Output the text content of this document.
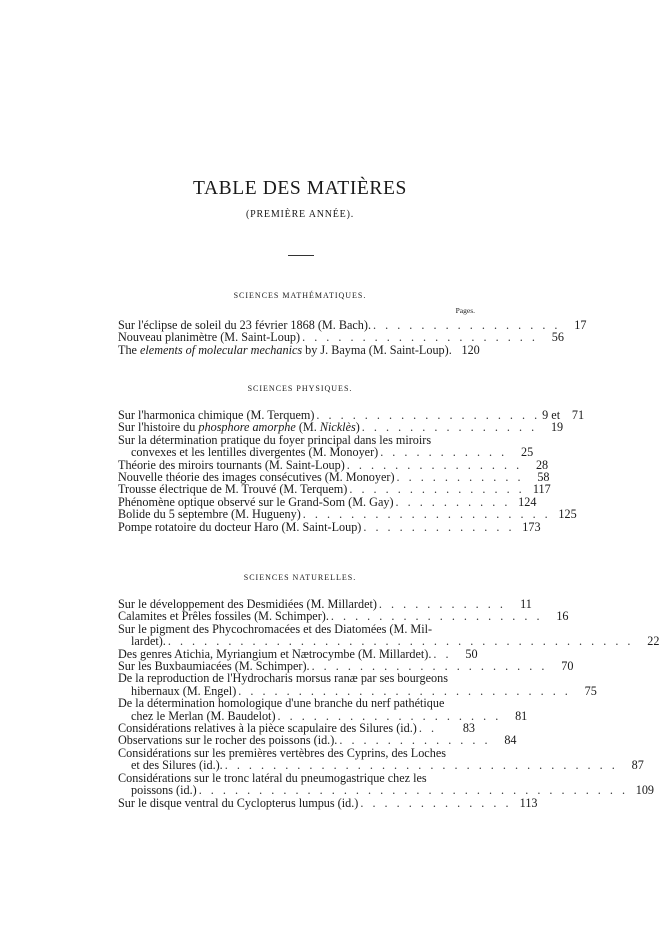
TABLE DES MATIÈRES
(PREMIÈRE ANNÉE).
SCIENCES MATHÉMATIQUES.
Pages.
Sur l'éclipse de soleil du 23 février 1868 (M. Bach). . . . . . . . . . . . . . . . .	17
Nouveau planimètre (M. Saint-Loup) . . . . . . . . . . . . . . . . . . . .	56
The elements of molecular mechanics by J. Bayma (M. Saint-Loup). 120
SCIENCES PHYSIQUES.
Sur l'harmonica chimique (M. Terquem) . . . . . . . . . . . . . . . . . . . 9 et 71
Sur l'histoire du phosphore amorphe (M. Nicklès) . . . . . . . . . . . . . . .	19
Sur la détermination pratique du foyer principal dans les miroirs
convexes et les lentilles divergentes (M. Monoyer) . . . . . . . . . . .	25
Théorie des miroirs tournants (M. Saint-Loup) . . . . . . . . . . . . . . .	28
Nouvelle théorie des images consécutives (M. Monoyer) . . . . . . . . . . .	58
Trousse électrique de M. Trouvé (M. Terquem) . . . . . . . . . . . . . . . 117
Phénomène optique observé sur le Grand-Som (M. Gay) . . . . . . . . . . 124
Bolide du 5 septembre (M. Hugueny) . . . . . . . . . . . . . . . . . . . . . 125
Pompe rotatoire du docteur Haro (M. Saint-Loup) . . . . . . . . . . . . . 173
SCIENCES NATURELLES.
Sur le développement des Desmidiées (M. Millardet) . . . . . . . . . . .	11
Calamites et Prêles fossiles (M. Schimper). . . . . . . . . . . . . . . . . . .	16
Sur le pigment des Phycochromacées et des Diatomées (M. Mil-
lardet). . . . . . . . . . . . . . . . . . . . . . . . . . . . . . . . . . . . . . . .	22
Des genres Atichia, Myriangium et Nætrocymbe (M. Millardet). . .	50
Sur les Buxbaumiacées (M. Schimper). . . . . . . . . . . . . . . . . . . . .	70
De la reproduction de l'Hydrocharis morsus ranæ par ses bourgeons
hibernaux (M. Engel) . . . . . . . . . . . . . . . . . . . . . . . . . . . .	75
De la détermination homologique d'une branche du nerf pathétique
chez le Merlan (M. Baudelot) . . . . . . . . . . . . . . . . . . .	81
Considérations relatives à la pièce scapulaire des Silures (id.) . .	83
Observations sur le rocher des poissons (id.). . . . . . . . . . . . . .	84
Considérations sur les premières vertèbres des Cyprins, des Loches
et des Silures (id.). . . . . . . . . . . . . . . . . . . . . . . . . . . . . . . . . .	87
Considérations sur le tronc latéral du pneumogastrique chez les
poissons (id.) . . . . . . . . . . . . . . . . . . . . . . . . . . . . . . . . . . . . 109
Sur le disque ventral du Cyclopterus lumpus (id.) . . . . . . . . . . . . . 113
